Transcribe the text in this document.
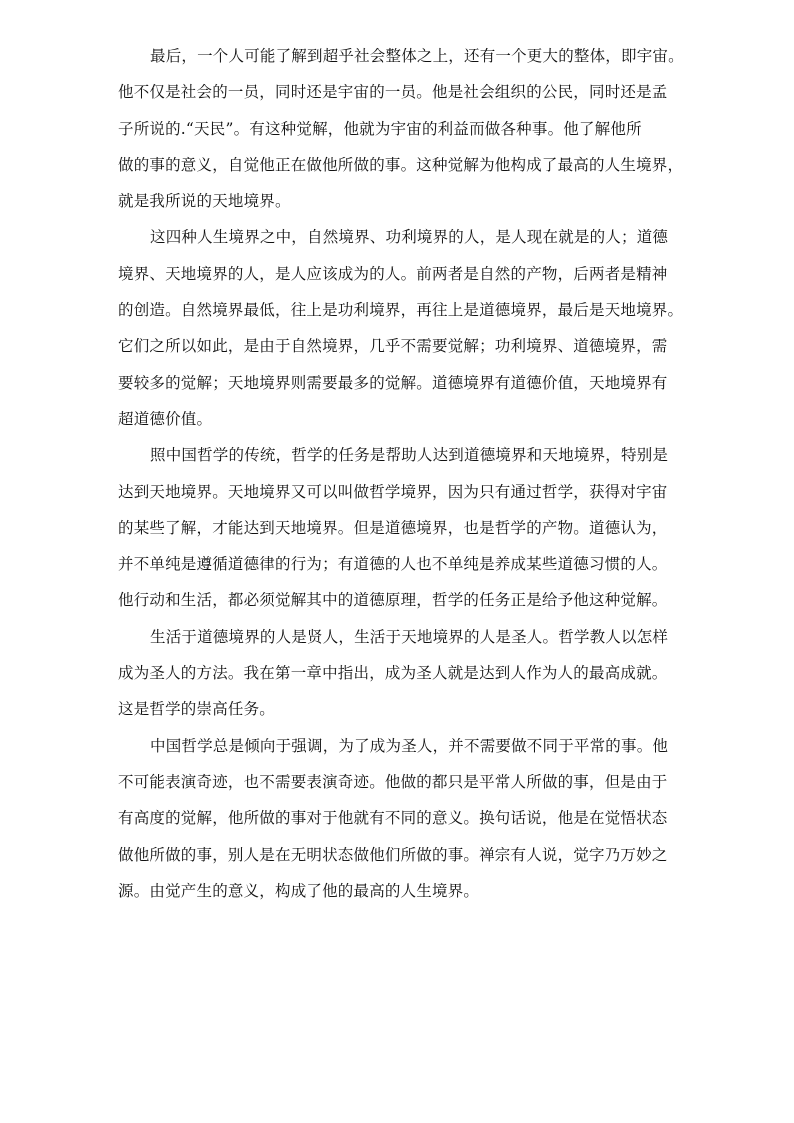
最后，一个人可能了解到超乎社会整体之上，还有一个更大的整体，即宇宙。
他不仅是社会的一员，同时还是宇宙的一员。他是社会组织的公民，同时还是孟
子所说的.“天民”。有这种觉解，他就为宇宙的利益而做各种事。他了解他所
做的事的意义，自觉他正在做他所做的事。这种觉解为他构成了最高的人生境界，
就是我所说的天地境界。
这四种人生境界之中，自然境界、功利境界的人，是人现在就是的人；道德
境界、天地境界的人，是人应该成为的人。前两者是自然的产物，后两者是精神
的创造。自然境界最低，往上是功利境界，再往上是道德境界，最后是天地境界。
它们之所以如此，是由于自然境界，几乎不需要觉解；功利境界、道德境界，需
要较多的觉解；天地境界则需要最多的觉解。道德境界有道德价值，天地境界有
超道德价值。
照中国哲学的传统，哲学的任务是帮助人达到道德境界和天地境界，特别是
达到天地境界。天地境界又可以叫做哲学境界，因为只有通过哲学，获得对宇宙
的某些了解，才能达到天地境界。但是道德境界，也是哲学的产物。道德认为，
并不单纯是遵循道德律的行为；有道德的人也不单纯是养成某些道德习惯的人。
他行动和生活，都必须觉解其中的道德原理，哲学的任务正是给予他这种觉解。
生活于道德境界的人是贤人，生活于天地境界的人是圣人。哲学教人以怎样
成为圣人的方法。我在第一章中指出，成为圣人就是达到人作为人的最高成就。
这是哲学的崇高任务。
中国哲学总是倾向于强调，为了成为圣人，并不需要做不同于平常的事。他
不可能表演奇迹，也不需要表演奇迹。他做的都只是平常人所做的事，但是由于
有高度的觉解，他所做的事对于他就有不同的意义。换句话说，他是在觉悟状态
做他所做的事，别人是在无明状态做他们所做的事。禅宗有人说，觉字乃万妙之
源。由觉产生的意义，构成了他的最高的人生境界。
